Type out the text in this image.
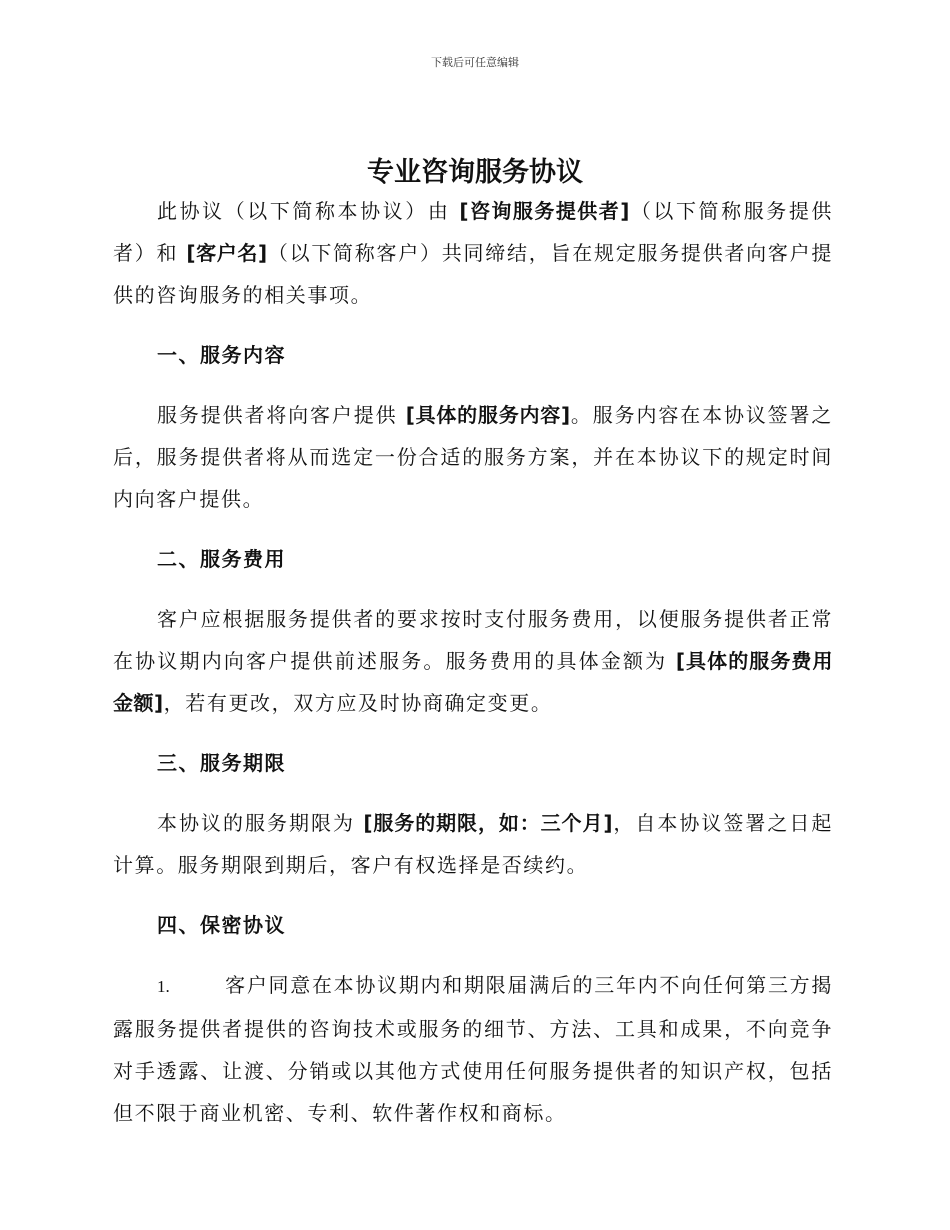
下载后可任意编辑
专业咨询服务协议

此协议（以下简称本协议）由 [咨询服务提供者]（以下简称服务提供者）和 [客户名]（以下简称客户）共同缔结，旨在规定服务提供者向客户提供的咨询服务的相关事项。

一、服务内容

服务提供者将向客户提供 [具体的服务内容]。服务内容在本协议签署之后，服务提供者将从而选定一份合适的服务方案，并在本协议下的规定时间内向客户提供。

二、服务费用

客户应根据服务提供者的要求按时支付服务费用，以便服务提供者正常在协议期内向客户提供前述服务。服务费用的具体金额为 [具体的服务费用金额]，若有更改，双方应及时协商确定变更。

三、服务期限

本协议的服务期限为 [服务的期限，如：三个月]，自本协议签署之日起计算。服务期限到期后，客户有权选择是否续约。

四、保密协议

1.	客户同意在本协议期内和期限届满后的三年内不向任何第三方揭露服务提供者提供的咨询技术或服务的细节、方法、工具和成果，不向竞争对手透露、让渡、分销或以其他方式使用任何服务提供者的知识产权，包括但不限于商业机密、专利、软件著作权和商标。
